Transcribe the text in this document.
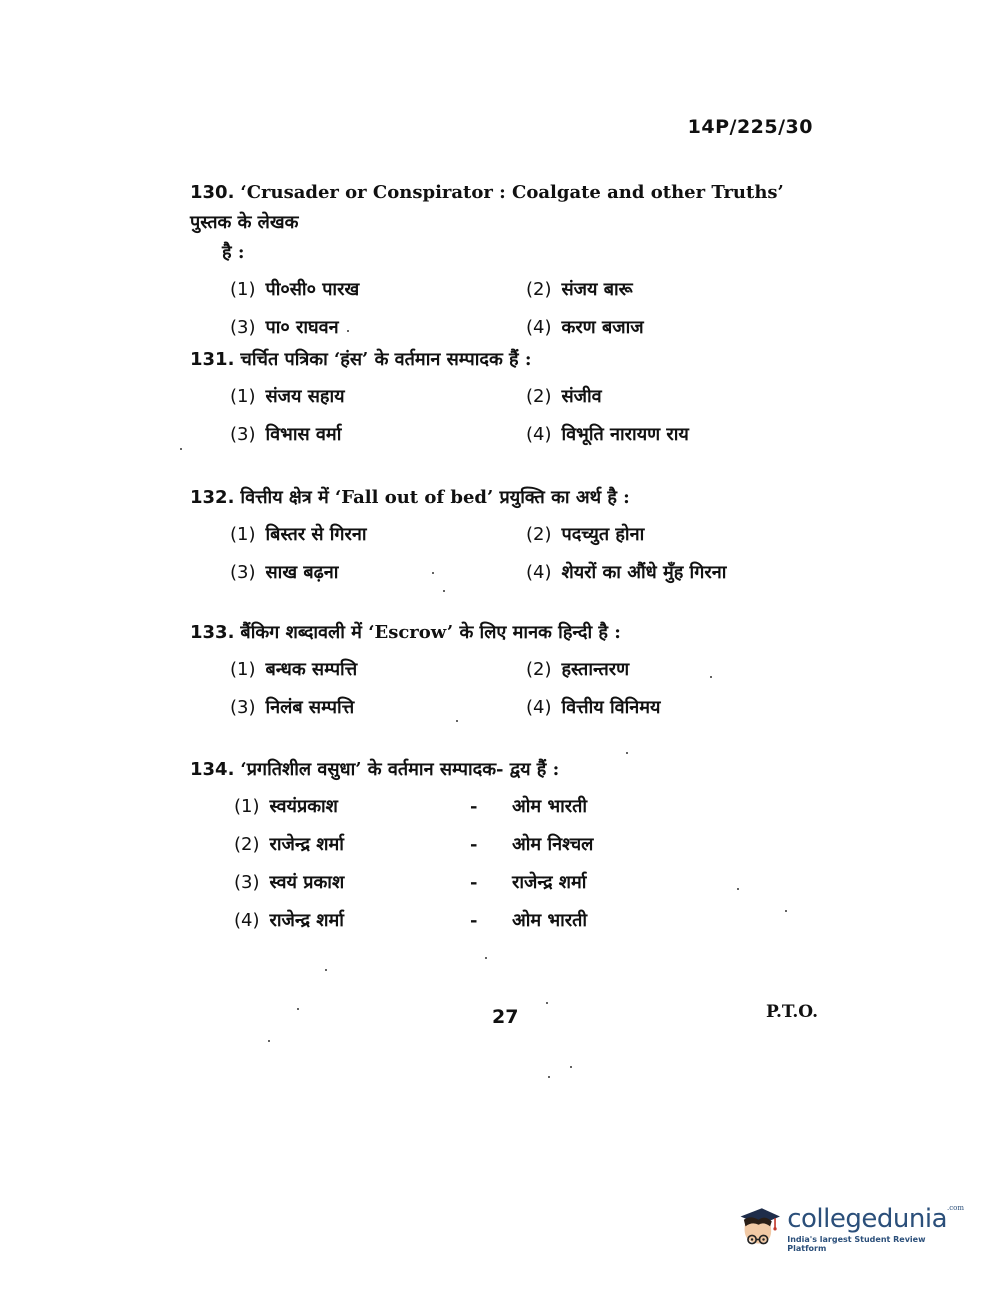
14P/225/30
130. ‘Crusader or Conspirator : Coalgate and other Truths’ पुस्तक के लेखक
है :
(1) पी०सी० पारख	(2) संजय बारू
(3) पा० राघवन	(4) करण बजाज
131. चर्चित पत्रिका ‘हंस’ के वर्तमान सम्पादक हैं :
(1) संजय सहाय	(2) संजीव
(3) विभास वर्मा	(4) विभूति नारायण राय
132. वित्तीय क्षेत्र में ‘Fall out of bed’ प्रयुक्ति का अर्थ है :
(1) बिस्तर से गिरना	(2) पदच्युत होना
(3) साख बढ़ना	(4) शेयरों का औंधे मुँह गिरना
133. बैंकिग शब्दावली में ‘Escrow’ के लिए मानक हिन्दी है :
(1) बन्धक सम्पत्ति	(2) हस्तान्तरण
(3) निलंब सम्पत्ति	(4) वित्तीय विनिमय
134. ‘प्रगतिशील वसुधा’ के वर्तमान सम्पादक- द्वय हैं :
(1) स्वयंप्रकाश	-	ओम भारती
(2) राजेन्द्र शर्मा	-	ओम निश्चल
(3) स्वयं प्रकाश	-	राजेन्द्र शर्मा
(4) राजेन्द्र शर्मा	-	ओम भारती
27	P.T.O.
collegedunia$^{.com}$
India's largest Student Review Platform
